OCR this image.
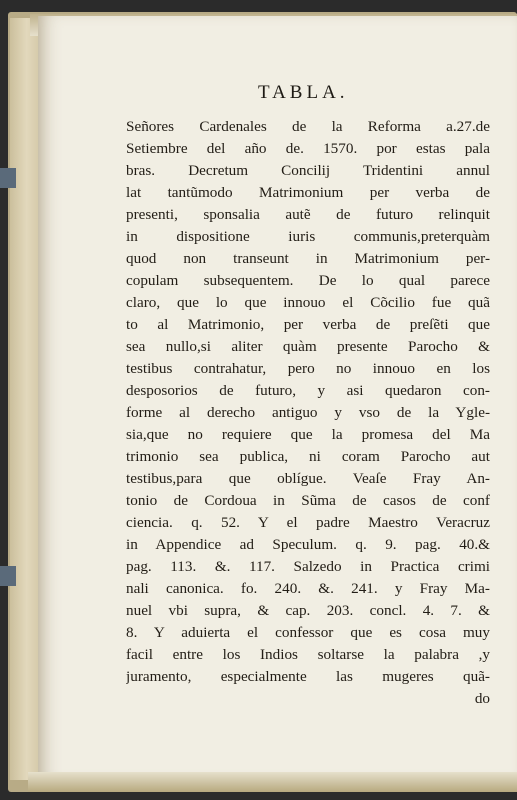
TABLA.
Señores Cardenales de la Reforma a.27.de
Setiembre del año de. 1570. por estas pala
bras. Decretum Concilij Tridentini annul
lat tantũmodo Matrimonium per verba de
presenti, sponsalia autẽ de futuro relinquit
in dispositione iuris communis,preterquàm
quod non transeunt in Matrimonium per-
copulam subsequentem. De lo qual parece
claro, que lo que innouo el Cõcilio fue quã
to al Matrimonio, per verba de preſẽti que
sea nullo,si aliter quàm presente Parocho &
testibus contrahatur, pero no innouo en los
desposorios de futuro, y asi quedaron con-
forme al derecho antiguo y vso de la Ygle-
sia,que no requiere que la promesa del Ma
trimonio sea publica, ni coram Parocho aut
testibus,para que oblígue. Veaſe Fray An-
tonio de Cordoua in Sũma de casos de conf
ciencia. q. 52. Y el padre Maestro Veracruz
in Appendice ad Speculum. q. 9. pag. 40.&
pag. 113. &. 117. Salzedo in Practica crimi
nali canonica. fo. 240. &. 241. y Fray Ma-
nuel vbi supra, & cap. 203. concl. 4. 7. &
8. Y aduierta el confessor que es cosa muy
facil entre los Indios soltarse la palabra ,y
juramento, especialmente las mugeres quã-
do
